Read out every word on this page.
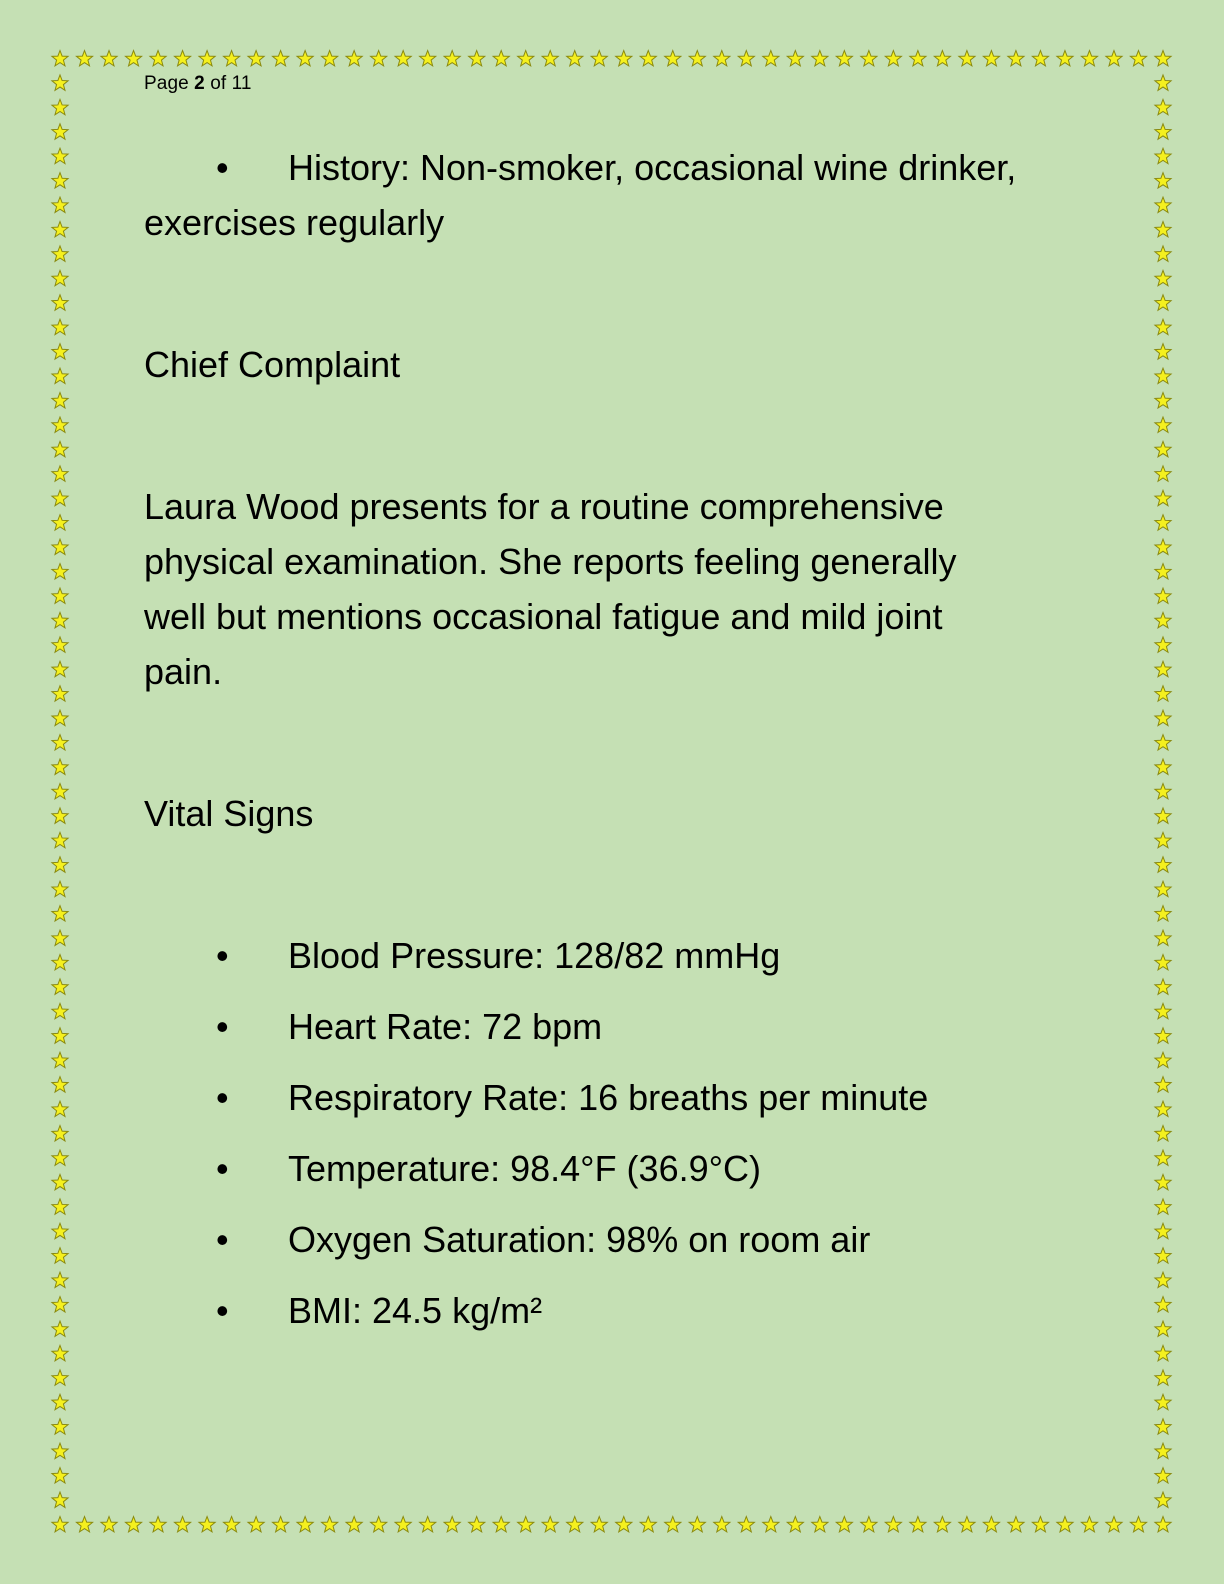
Page 2 of 11
• History: Non-smoker, occasional wine drinker,
exercises regularly
Chief Complaint
Laura Wood presents for a routine comprehensive physical examination. She reports feeling generally well but mentions occasional fatigue and mild joint pain.
Vital Signs
• Blood Pressure: 128/82 mmHg
• Heart Rate: 72 bpm
• Respiratory Rate: 16 breaths per minute
• Temperature: 98.4°F (36.9°C)
• Oxygen Saturation: 98% on room air
• BMI: 24.5 kg/m²
